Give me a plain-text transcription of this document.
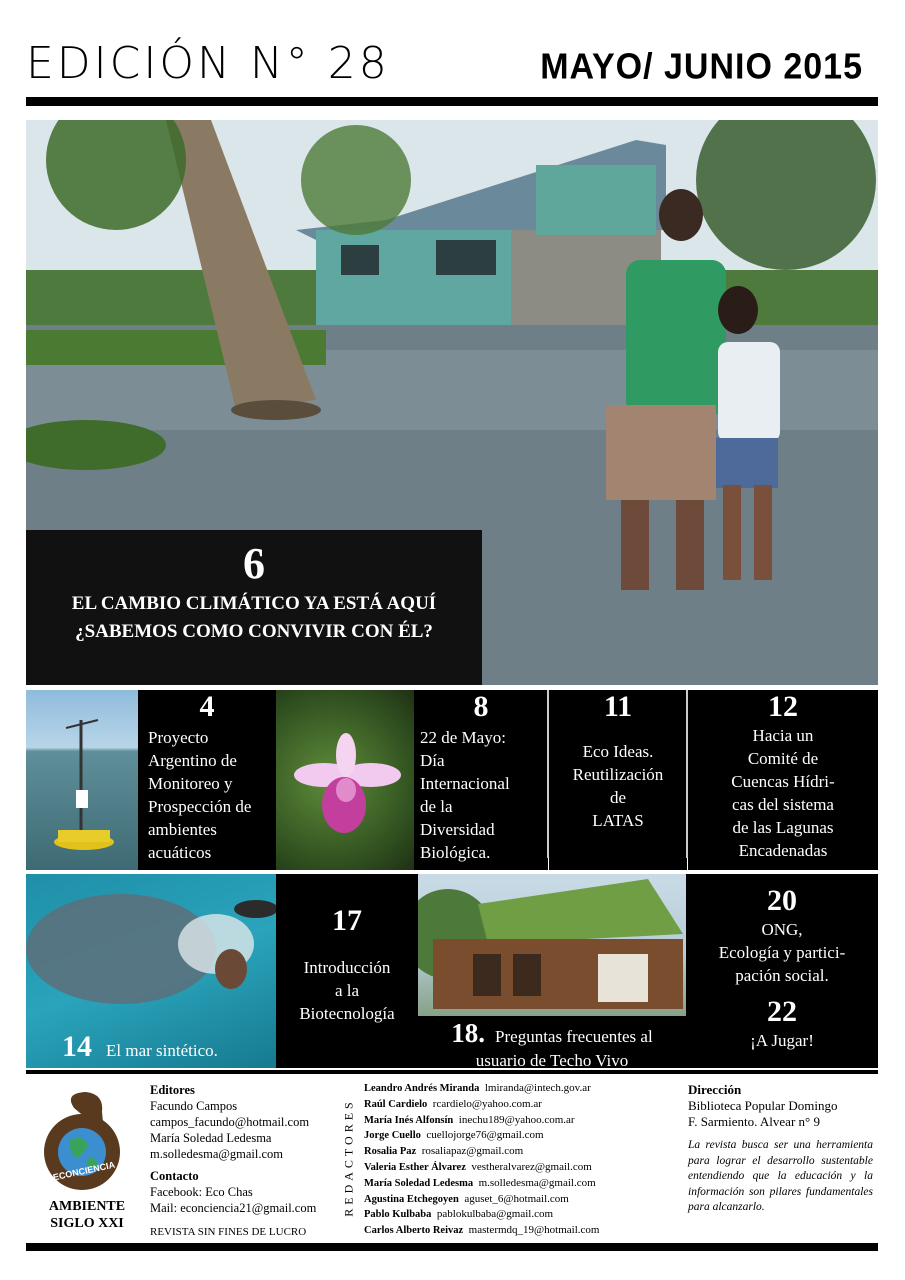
EDICIÓN N° 28	MAYO/ JUNIO 2015
6
EL CAMBIO CLIMÁTICO YA ESTÁ AQUÍ
¿SABEMOS COMO CONVIVIR CON ÉL?
4
Proyecto
Argentino de
Monitoreo y
Prospección de
ambientes
acuáticos
8
22 de Mayo:
Día
Internacional
de la
Diversidad
Biológica.
11
Eco Ideas.
Reutilización
de
LATAS
12
Hacia un
Comité de
Cuencas Hídri-
cas del sistema
de las Lagunas
Encadenadas
14 El mar sintético.
17
Introducción
a la
Biotecnología
18. Preguntas frecuentes al
usuario de Techo Vivo
20
ONG,
Ecología y partici-
pación social.
22
¡A Jugar!
ECONCIENCIA
AMBIENTE
SIGLO XXI
Editores
Facundo Campos
campos_facundo@hotmail.com
María Soledad Ledesma
m.solledesma@gmail.com
Contacto
Facebook: Eco Chas
Mail: econciencia21@gmail.com
REVISTA SIN FINES DE LUCRO
REDACTORES
Leandro Andrés Miranda lmiranda@intech.gov.ar
Raúl Cardielo rcardielo@yahoo.com.ar
María Inés Alfonsín inechu189@yahoo.com.ar
Jorge Cuello cuellojorge76@gmail.com
Rosalia Paz rosaliapaz@gmail.com
Valeria Esther Álvarez vestheralvarez@gmail.com
María Soledad Ledesma m.solledesma@gmail.com
Agustina Etchegoyen aguset_6@hotmail.com
Pablo Kulbaba pablokulbaba@gmail.com
Carlos Alberto Reivaz mastermdq_19@hotmail.com
Dirección
Biblioteca Popular Domingo
F. Sarmiento. Alvear n° 9
La revista busca ser una herramienta para lograr el desarrollo sustentable entendiendo que la educación y la información son pilares fundamentales para alcanzarlo.
